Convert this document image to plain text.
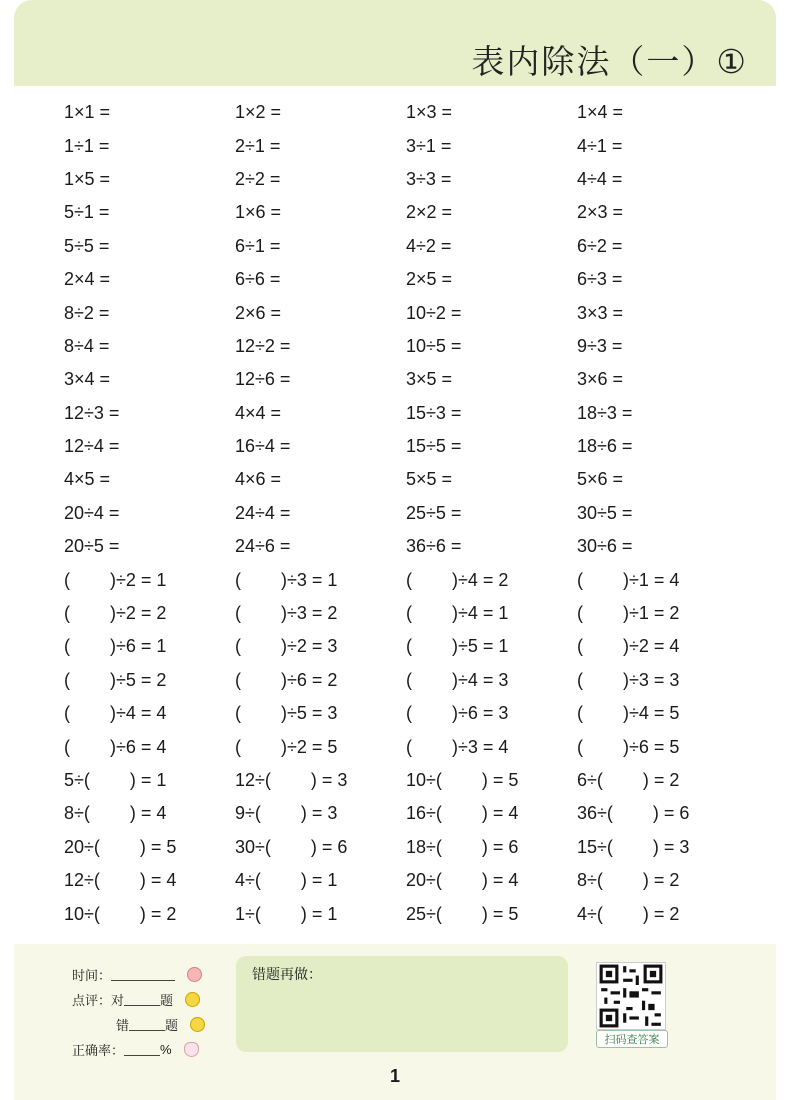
表内除法（一）①
1×1 =	1×2 =	1×3 =	1×4 =
1÷1 =	2÷1 =	3÷1 =	4÷1 =
1×5 =	2÷2 =	3÷3 =	4÷4 =
5÷1 =	1×6 =	2×2 =	2×3 =
5÷5 =	6÷1 =	4÷2 =	6÷2 =
2×4 =	6÷6 =	2×5 =	6÷3 =
8÷2 =	2×6 =	10÷2 =	3×3 =
8÷4 =	12÷2 =	10÷5 =	9÷3 =
3×4 =	12÷6 =	3×5 =	3×6 =
12÷3 =	4×4 =	15÷3 =	18÷3 =
12÷4 =	16÷4 =	15÷5 =	18÷6 =
4×5 =	4×6 =	5×5 =	5×6 =
20÷4 =	24÷4 =	25÷5 =	30÷5 =
20÷5 =	24÷6 =	36÷6 =	30÷6 =
(        )÷2 = 1	(        )÷3 = 1	(        )÷4 = 2	(        )÷1 = 4
(        )÷2 = 2	(        )÷3 = 2	(        )÷4 = 1	(        )÷1 = 2
(        )÷6 = 1	(        )÷2 = 3	(        )÷5 = 1	(        )÷2 = 4
(        )÷5 = 2	(        )÷6 = 2	(        )÷4 = 3	(        )÷3 = 3
(        )÷4 = 4	(        )÷5 = 3	(        )÷6 = 3	(        )÷4 = 5
(        )÷6 = 4	(        )÷2 = 5	(        )÷3 = 4	(        )÷6 = 5
5÷(        ) = 1	12÷(        ) = 3	10÷(        ) = 5	6÷(        ) = 2
8÷(        ) = 4	9÷(        ) = 3	16÷(        ) = 4	36÷(        ) = 6
20÷(        ) = 5	30÷(        ) = 6	18÷(        ) = 6	15÷(        ) = 3
12÷(        ) = 4	4÷(        ) = 1	20÷(        ) = 4	8÷(        ) = 2
10÷(        ) = 2	1÷(        ) = 1	25÷(        ) = 5	4÷(        ) = 2
时间：
点评：对	题
错	题
正确率：	%
错题再做：
扫码查答案
1
